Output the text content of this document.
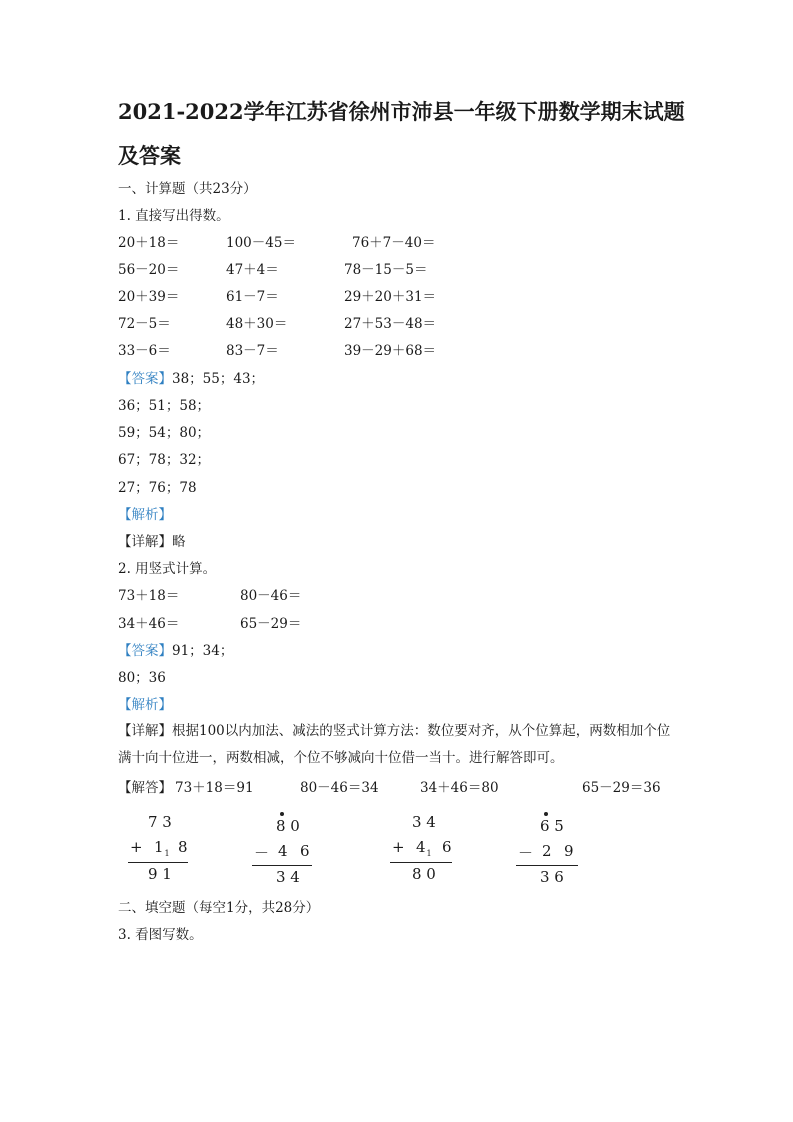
2021-2022学年江苏省徐州市沛县一年级下册数学期末试题及答案
一、计算题（共23分）
1. 直接写出得数。
20＋18＝	100－45＝	76＋7－40＝
56－20＝	47＋4＝	78－15－5＝
20＋39＝	61－7＝	29＋20＋31＝
72－5＝	48＋30＝	27＋53－48＝
33－6＝	83－7＝	39－29＋68＝
【答案】38；55；43；
36；51；58；
59；54；80；
67；78；32；
27；76；78
【解析】
【详解】略
2. 用竖式计算。
73＋18＝	80－46＝
34＋46＝	65－29＝
【答案】91；34；
80；36
【解析】
【详解】根据100以内加法、减法的竖式计算方法：数位要对齐，从个位算起，两数相加个位满十向十位进一，两数相减，个位不够减向十位借一当十。进行解答即可。
【解答】 73＋18＝91	80－46＝34	34＋46＝80	65－29＝36
7 3
+ $1_1$ 8
9 1
8 0
－ 4 6
3 4
3 4
+ $4_1$ 6
8 0
6 5
－ 2 9
3 6
二、填空题（每空1分，共28分）
3. 看图写数。
